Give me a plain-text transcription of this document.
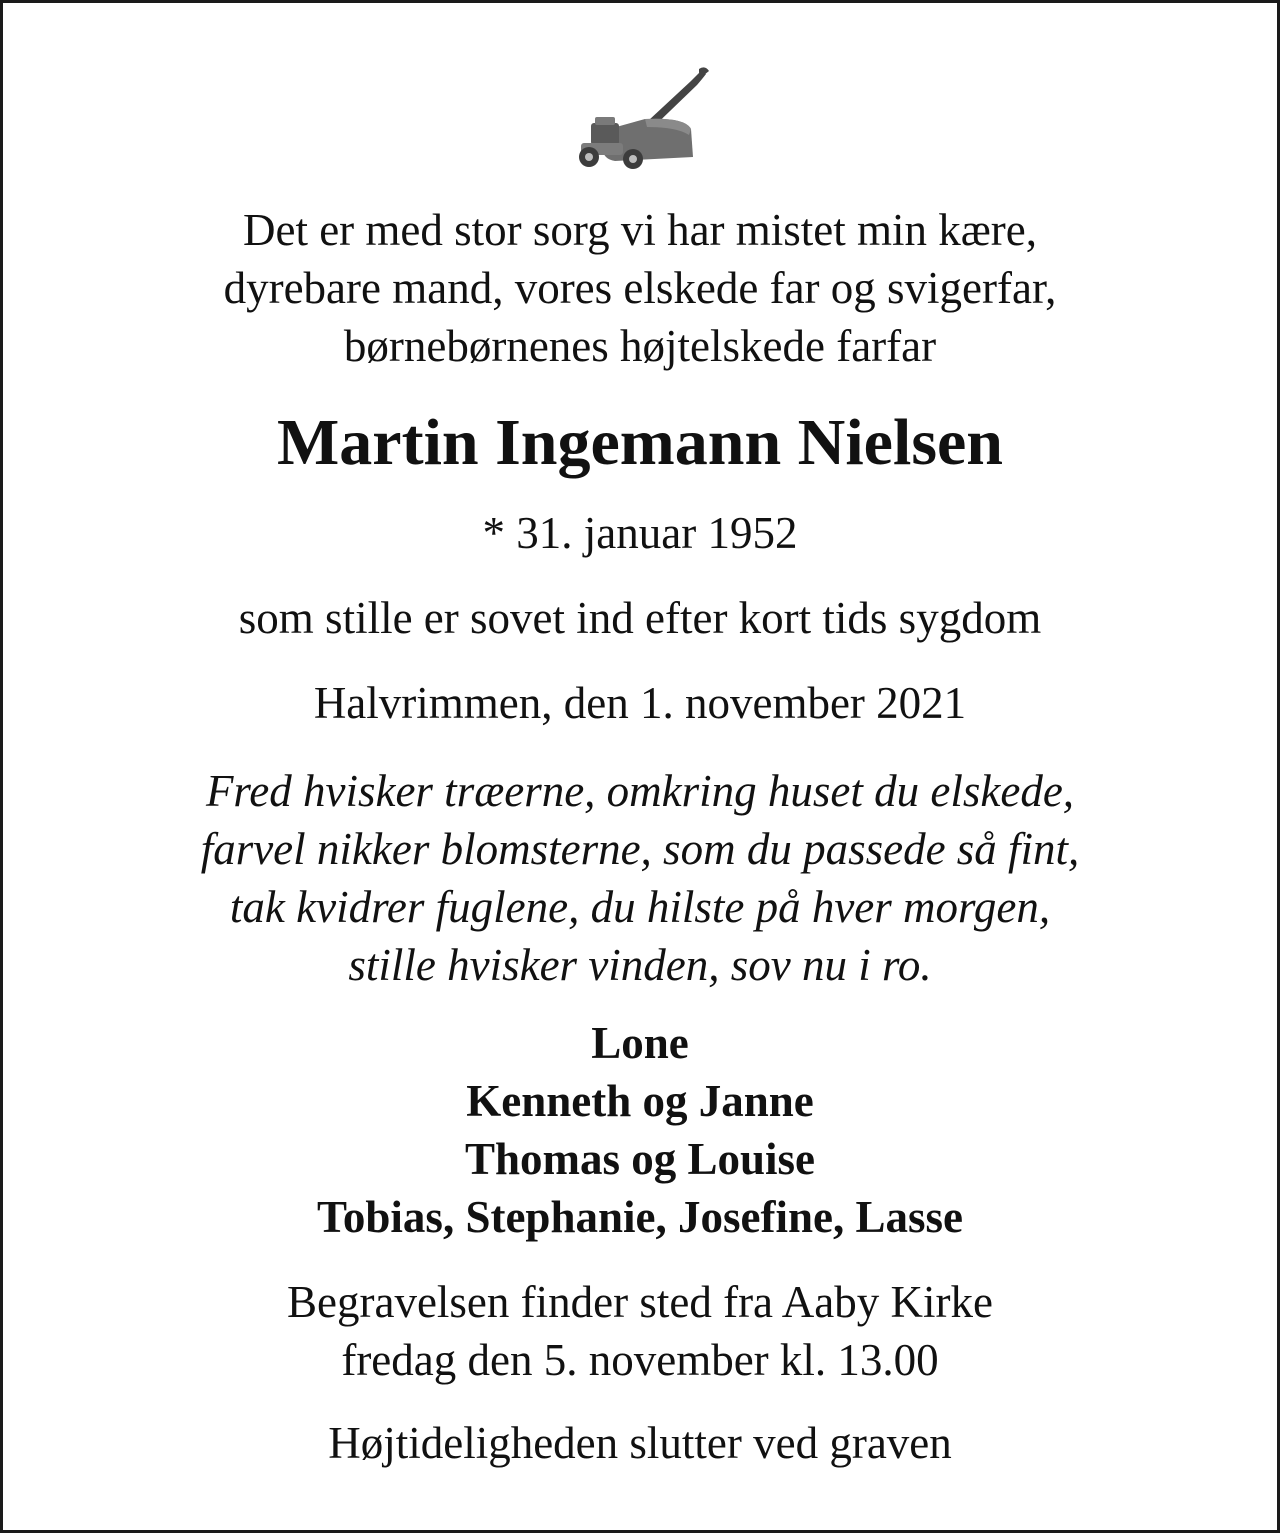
Det er med stor sorg vi har mistet min kære,
dyrebare mand, vores elskede far og svigerfar,
børnebørnenes højtelskede farfar

Martin Ingemann Nielsen

* 31. januar 1952

som stille er sovet ind efter kort tids sygdom

Halvrimmen, den 1. november 2021

Fred hvisker træerne, omkring huset du elskede,
farvel nikker blomsterne, som du passede så fint,
tak kvidrer fuglene, du hilste på hver morgen,
stille hvisker vinden, sov nu i ro.

Lone
Kenneth og Janne
Thomas og Louise
Tobias, Stephanie, Josefine, Lasse

Begravelsen finder sted fra Aaby Kirke
fredag den 5. november kl. 13.00

Højtideligheden slutter ved graven
